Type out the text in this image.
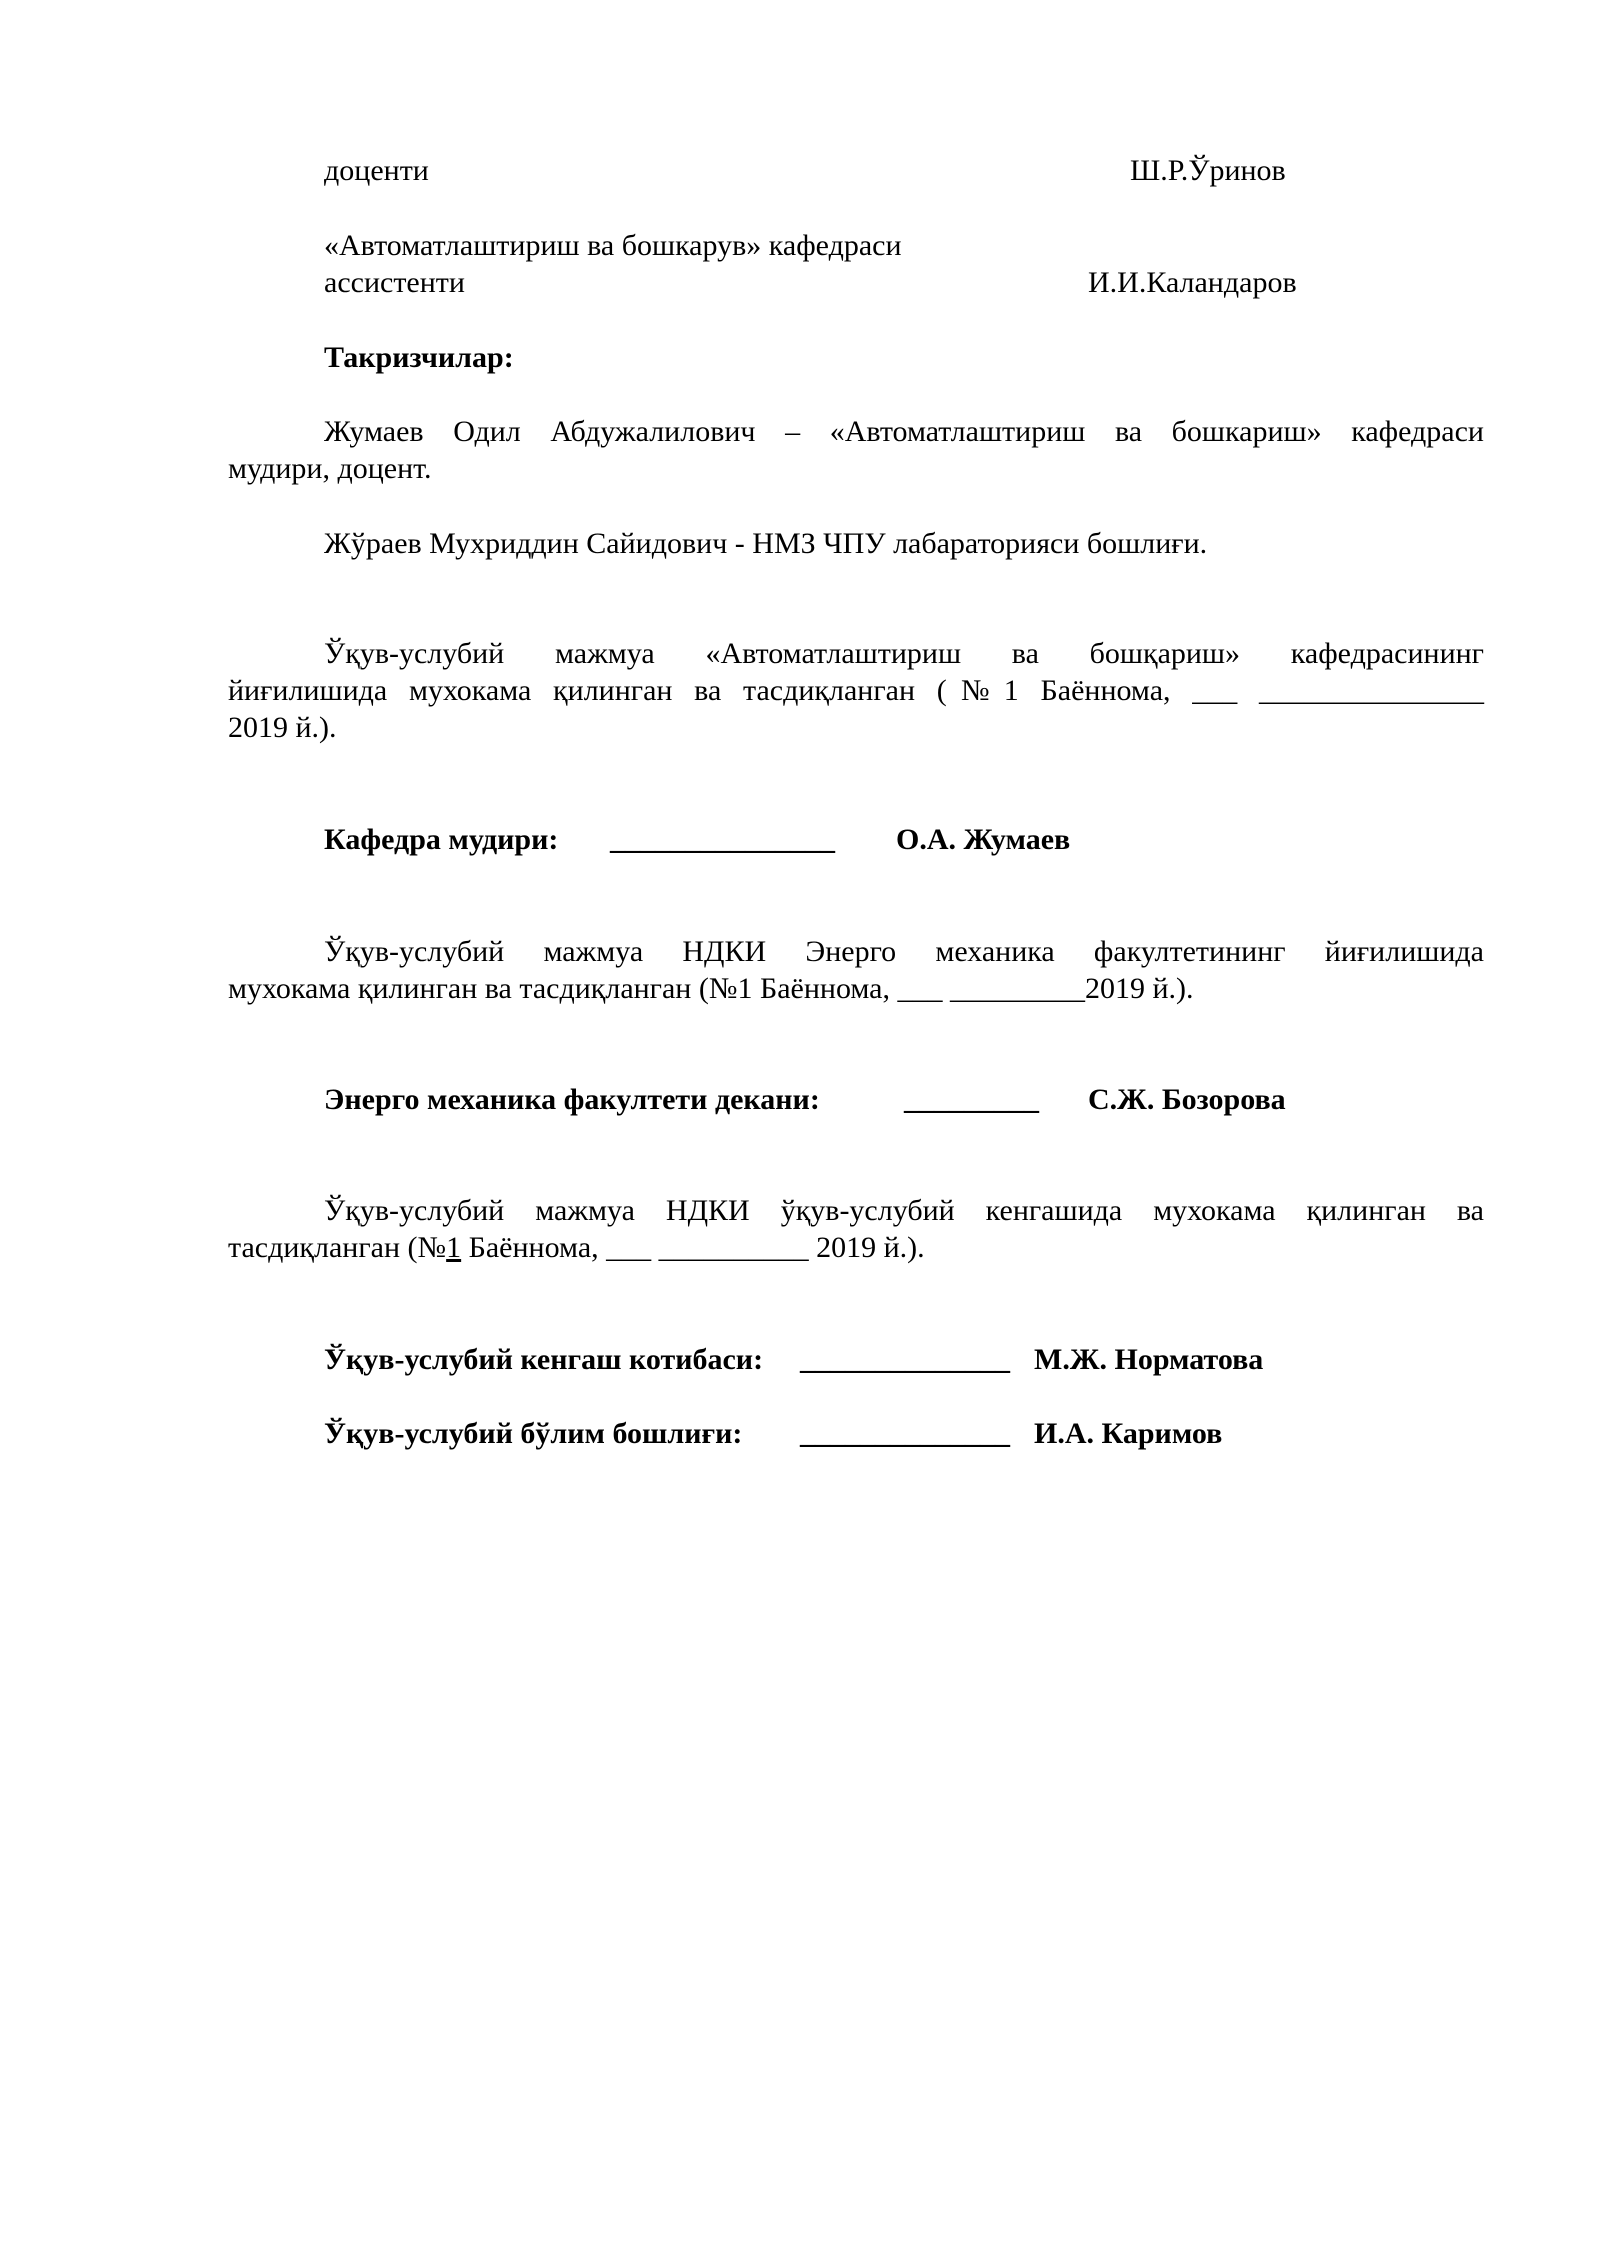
доценти	Ш.Р.Ўринов
«Автоматлаштириш ва бошкарув» кафедраси
ассистенти	И.И.Каландаров
Такризчилар:
Жумаев Одил Абдужалилович – «Автоматлаштириш ва бошкариш» кафедраси
мудири, доцент.
Жўраев Мухриддин Сайидович - НМЗ ЧПУ лабараторияси бошлиғи.
Ўқув-услубий мажмуа «Автоматлаштириш ва бошқариш» кафедрасининг
йиғилишида мухокама қилинган ва тасдиқланган (№1 Баённома, ___ _______________
2019 й.).
Кафедра мудири: _______________ О.А. Жумаев
Ўқув-услубий мажмуа НДКИ Энерго механика факултетининг йиғилишида
мухокама қилинган ва тасдиқланган (№1 Баённома, ___ _________2019 й.).
Энерго механика факултети декани:	_________ С.Ж. Бозорова
Ўқув-услубий мажмуа НДКИ ўқув-услубий кенгашида мухокама қилинган ва
тасдиқланган (№1 Баённома, ___ __________ 2019 й.).
Ўқув-услубий кенгаш котибаси: ______________ М.Ж. Норматова
Ўқув-услубий бўлим бошлиғи: ______________ И.А. Каримов
